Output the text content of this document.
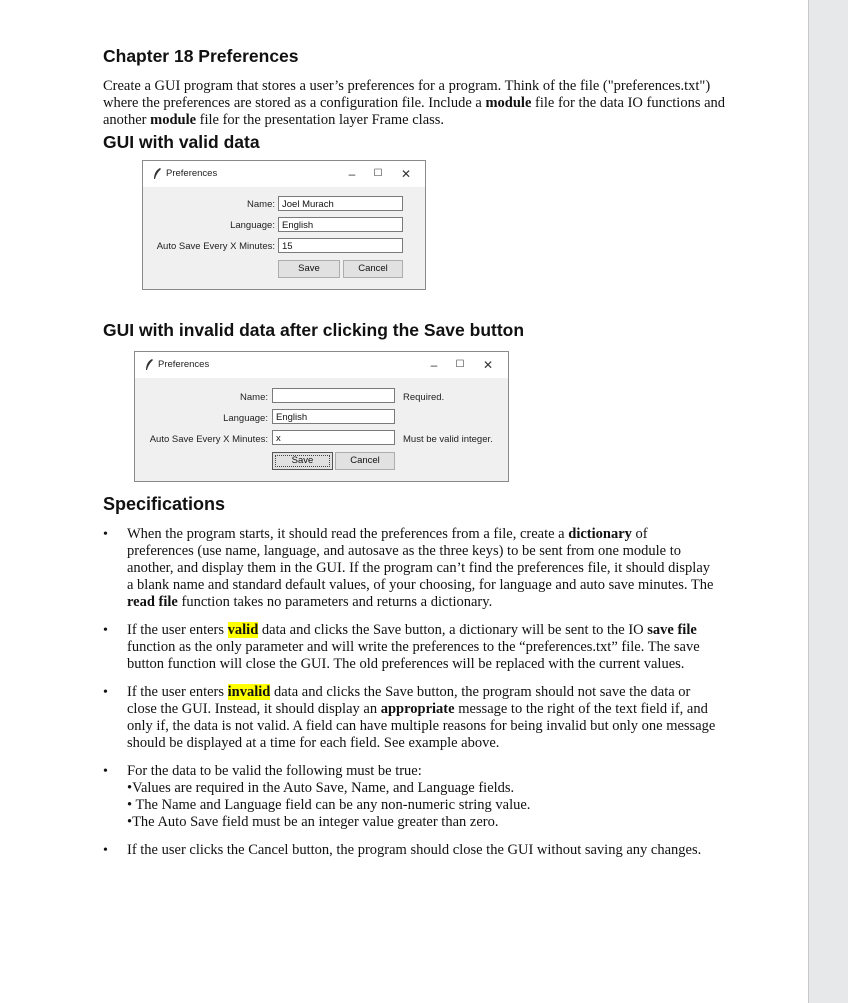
Chapter 18 Preferences
Create a GUI program that stores a user’s preferences for a program. Think of the file ("preferences.txt") where the preferences are stored as a configuration file. Include a module file for the data IO functions and another module file for the presentation layer Frame class.
GUI with valid data
Preferences	–	☐	✕
Name: Joel Murach
Language: English
Auto Save Every X Minutes: 15
Save	Cancel
GUI with invalid data after clicking the Save button
Preferences	–	☐	✕
Name:	Required.
Language: English
Auto Save Every X Minutes: x	Must be valid integer.
Save	Cancel
Specifications
• When the program starts, it should read the preferences from a file, create a dictionary of preferences (use name, language, and autosave as the three keys) to be sent from one module to another, and display them in the GUI. If the program can’t find the preferences file, it should display a blank name and standard default values, of your choosing, for language and auto save minutes. The read file function takes no parameters and returns a dictionary.
• If the user enters valid data and clicks the Save button, a dictionary will be sent to the IO save file function as the only parameter and will write the preferences to the “preferences.txt” file. The save button function will close the GUI. The old preferences will be replaced with the current values.
• If the user enters invalid data and clicks the Save button, the program should not save the data or close the GUI. Instead, it should display an appropriate message to the right of the text field if, and only if, the data is not valid. A field can have multiple reasons for being invalid but only one message should be displayed at a time for each field. See example above.
• For the data to be valid the following must be true:
•Values are required in the Auto Save, Name, and Language fields.
• The Name and Language field can be any non-numeric string value.
•The Auto Save field must be an integer value greater than zero.
• If the user clicks the Cancel button, the program should close the GUI without saving any changes.
